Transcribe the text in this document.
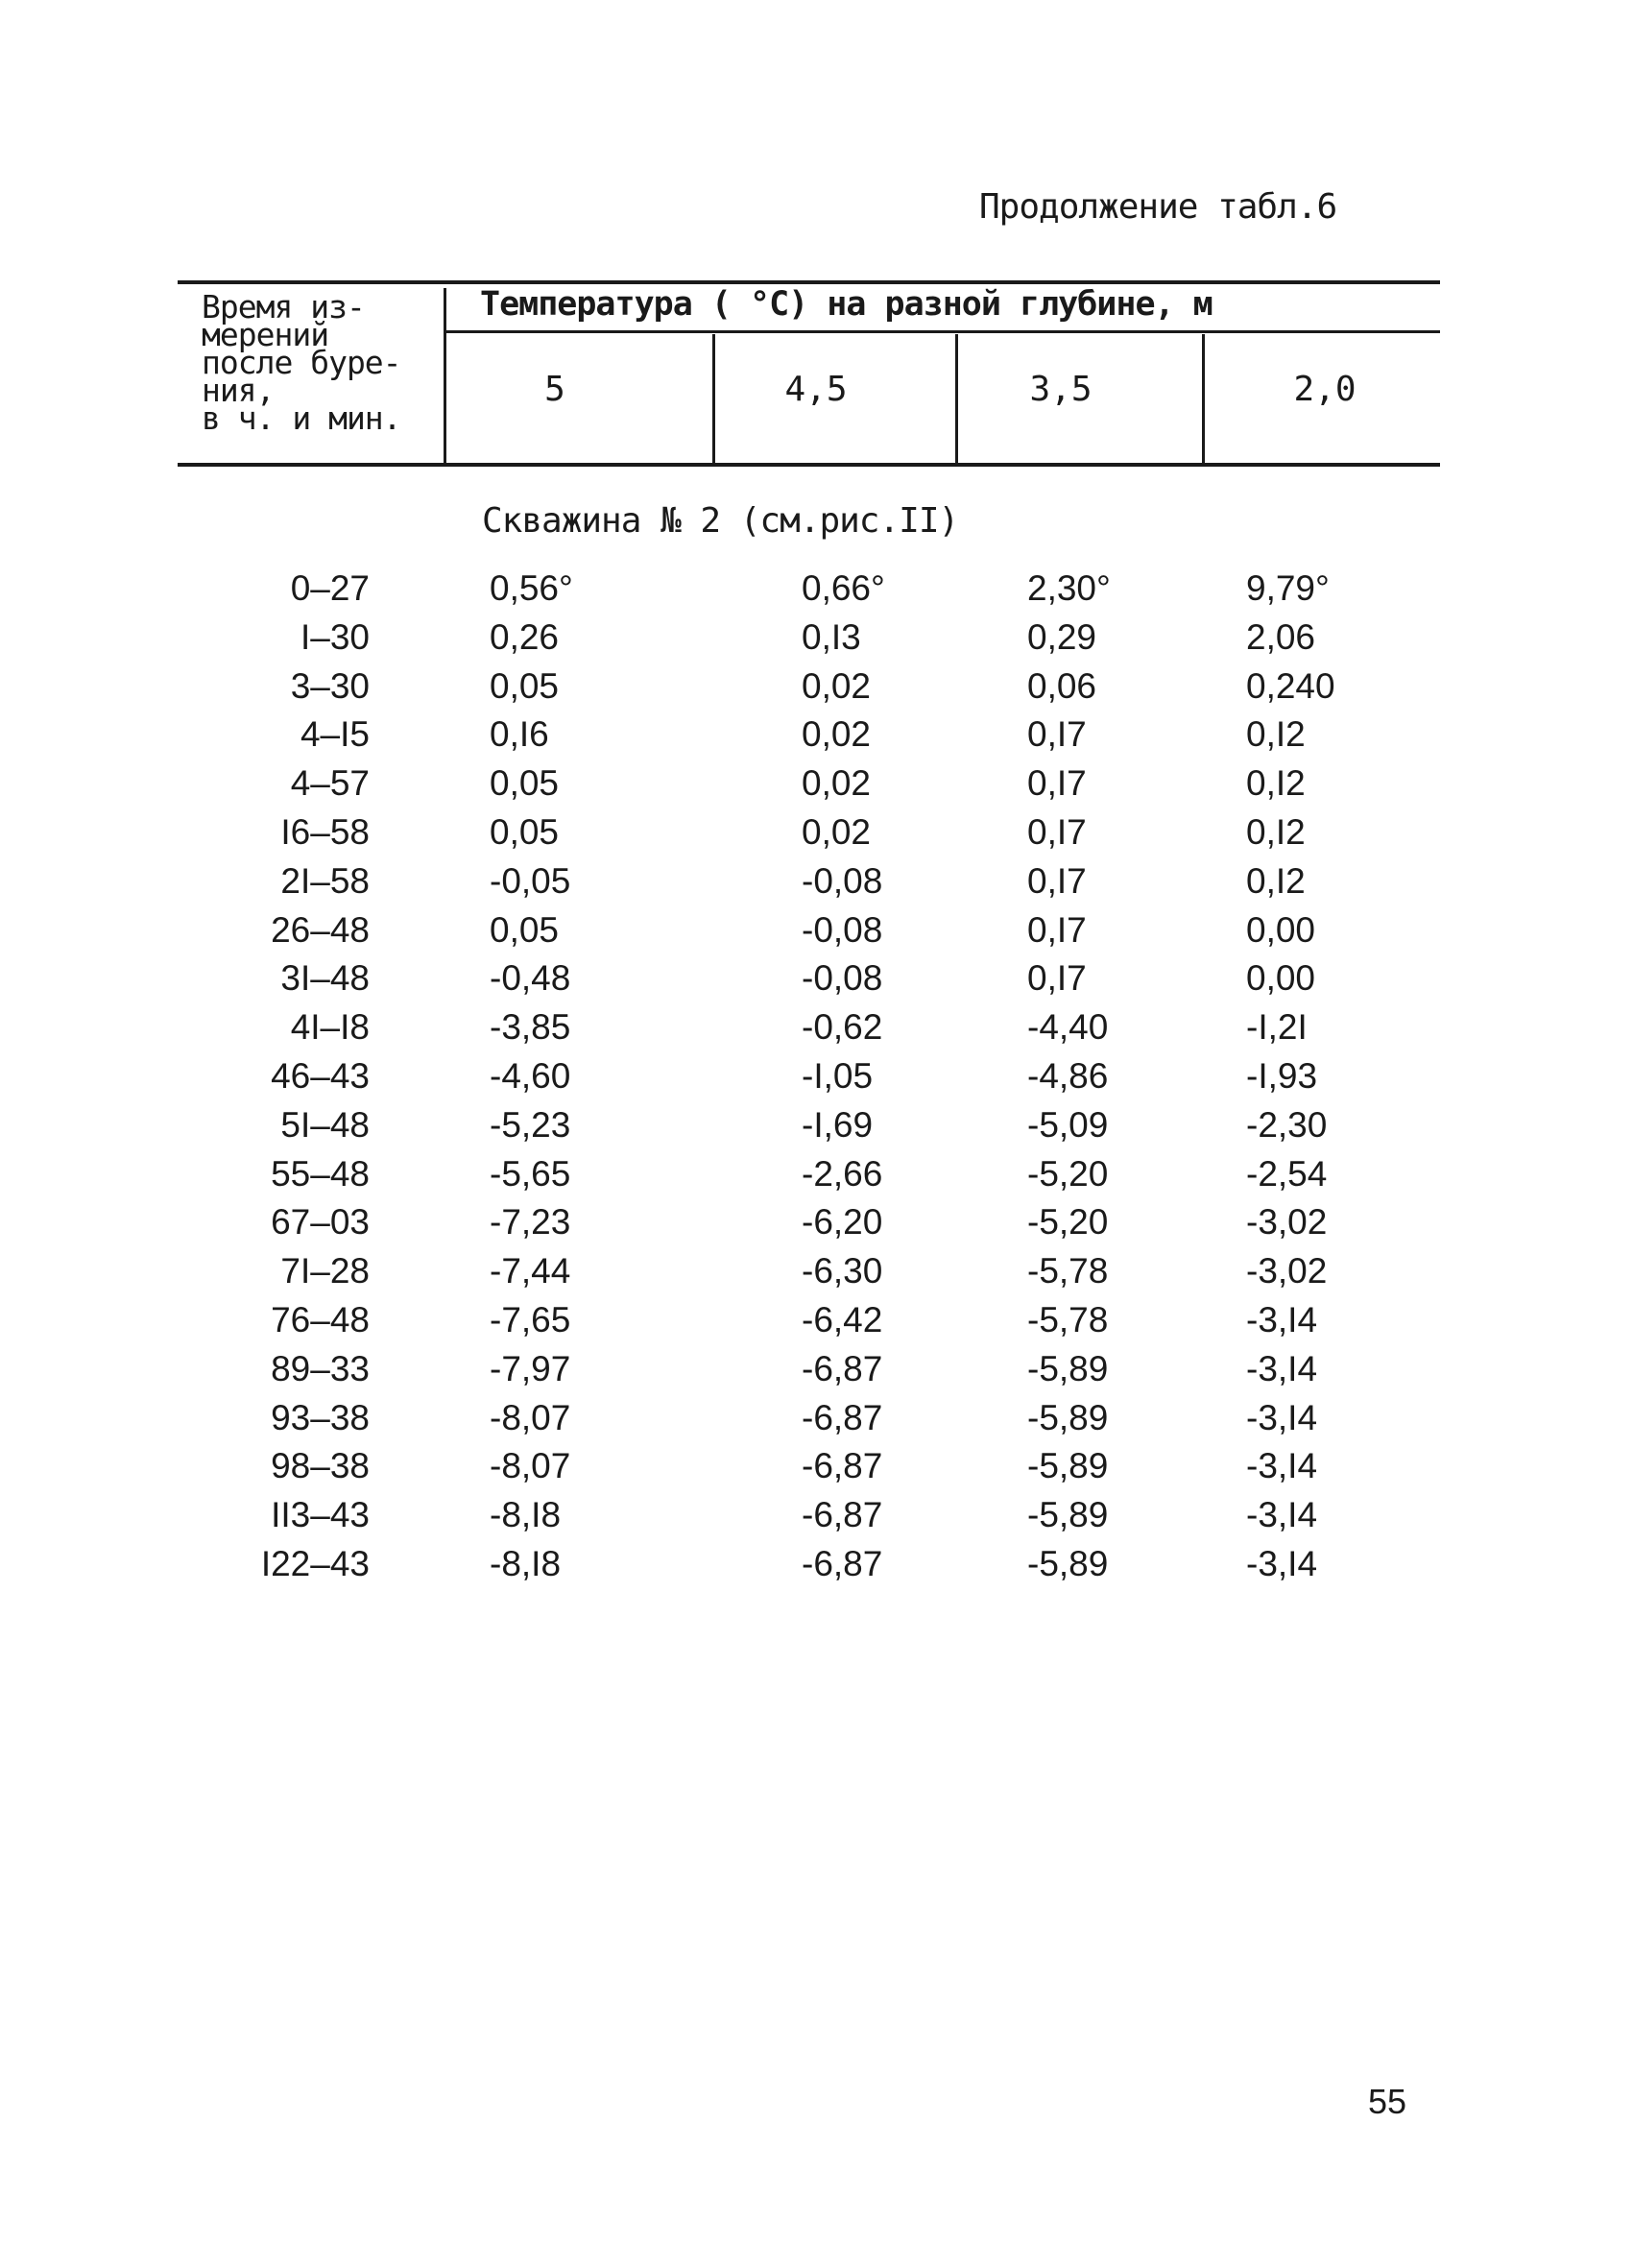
Продолжение табл.6
Время из-
мерений
после буре-
ния,
в ч. и мин.
Температура ( °С) на разной глубине, м
5	4,5	3,5	2,0
Скважина № 2 (см.рис.II)
0–27	0,56°	0,66°	2,30°	9,79°
I–30	0,26	0,I3	0,29	2,06
3–30	0,05	0,02	0,06	0,240
4–I5	0,I6	0,02	0,I7	0,I2
4–57	0,05	0,02	0,I7	0,I2
I6–58	0,05	0,02	0,I7	0,I2
2I–58	-0,05	-0,08	0,I7	0,I2
26–48	0,05	-0,08	0,I7	0,00
3I–48	-0,48	-0,08	0,I7	0,00
4I–I8	-3,85	-0,62	-4,40	-I,2I
46–43	-4,60	-I,05	-4,86	-I,93
5I–48	-5,23	-I,69	-5,09	-2,30
55–48	-5,65	-2,66	-5,20	-2,54
67–03	-7,23	-6,20	-5,20	-3,02
7I–28	-7,44	-6,30	-5,78	-3,02
76–48	-7,65	-6,42	-5,78	-3,I4
89–33	-7,97	-6,87	-5,89	-3,I4
93–38	-8,07	-6,87	-5,89	-3,I4
98–38	-8,07	-6,87	-5,89	-3,I4
II3–43	-8,I8	-6,87	-5,89	-3,I4
I22–43	-8,I8	-6,87	-5,89	-3,I4
55
